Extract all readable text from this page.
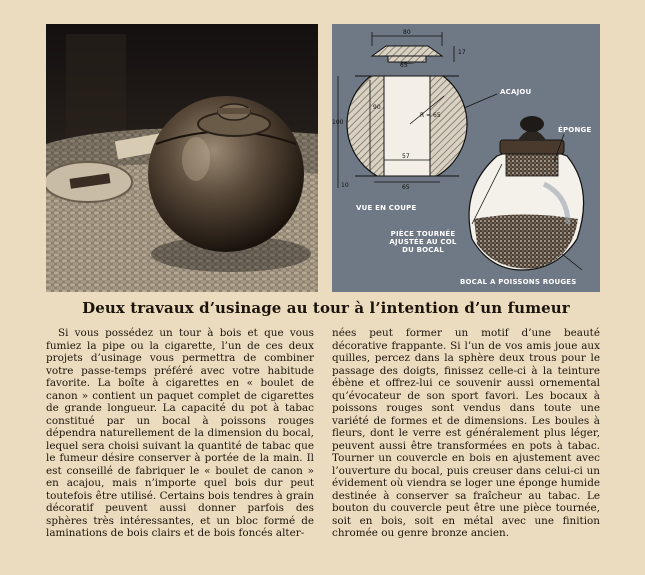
80
17
65
100
90
R = 65
57
65
10
ACAJOU
ÉPONGE
VUE EN COUPE
PIÈCE TOURNÉE
AJUSTÉE AU COL
DU BOCAL
BOCAL A POISSONS ROUGES
Deux travaux d’usinage au tour à l’intention d’un fumeur

Si vous possédez un tour à bois et que vous fumiez la pipe ou la cigarette, l’un de ces deux projets d’usinage vous permettra de combiner votre passe-temps préféré avec votre habitude favorite. La boîte à cigarettes en « boulet de canon » contient un paquet complet de cigarettes de grande longueur. La capacité du pot à tabac constitué par un bocal à poissons rouges dépendra naturellement de la dimension du bocal, lequel sera choisi suivant la quantité de tabac que le fumeur désire conserver à portée de la main. Il est conseillé de fabriquer le « boulet de canon » en acajou, mais n’importe quel bois dur peut toutefois être utilisé. Certains bois tendres à grain décoratif peuvent aussi donner parfois des sphères très intéressantes, et un bloc formé de laminations de bois clairs et de bois foncés alter-

nées peut former un motif d’une beauté décorative frappante. Si l’un de vos amis joue aux quilles, percez dans la sphère deux trous pour le passage des doigts, finissez celle-ci à la teinture ébène et offrez-lui ce souvenir aussi ornemental qu’évocateur de son sport favori. Les bocaux à poissons rouges sont vendus dans toute une variété de formes et de dimensions. Les boules à fleurs, dont le verre est généralement plus léger, peuvent aussi être transformées en pots à tabac. Tourner un couvercle en bois en ajustement avec l’ouverture du bocal, puis creuser dans celui-ci un évidement où viendra se loger une éponge humide destinée à conserver sa fraîcheur au tabac. Le bouton du couvercle peut être une pièce tournée, soit en bois, soit en métal avec une finition chromée ou genre bronze ancien.
